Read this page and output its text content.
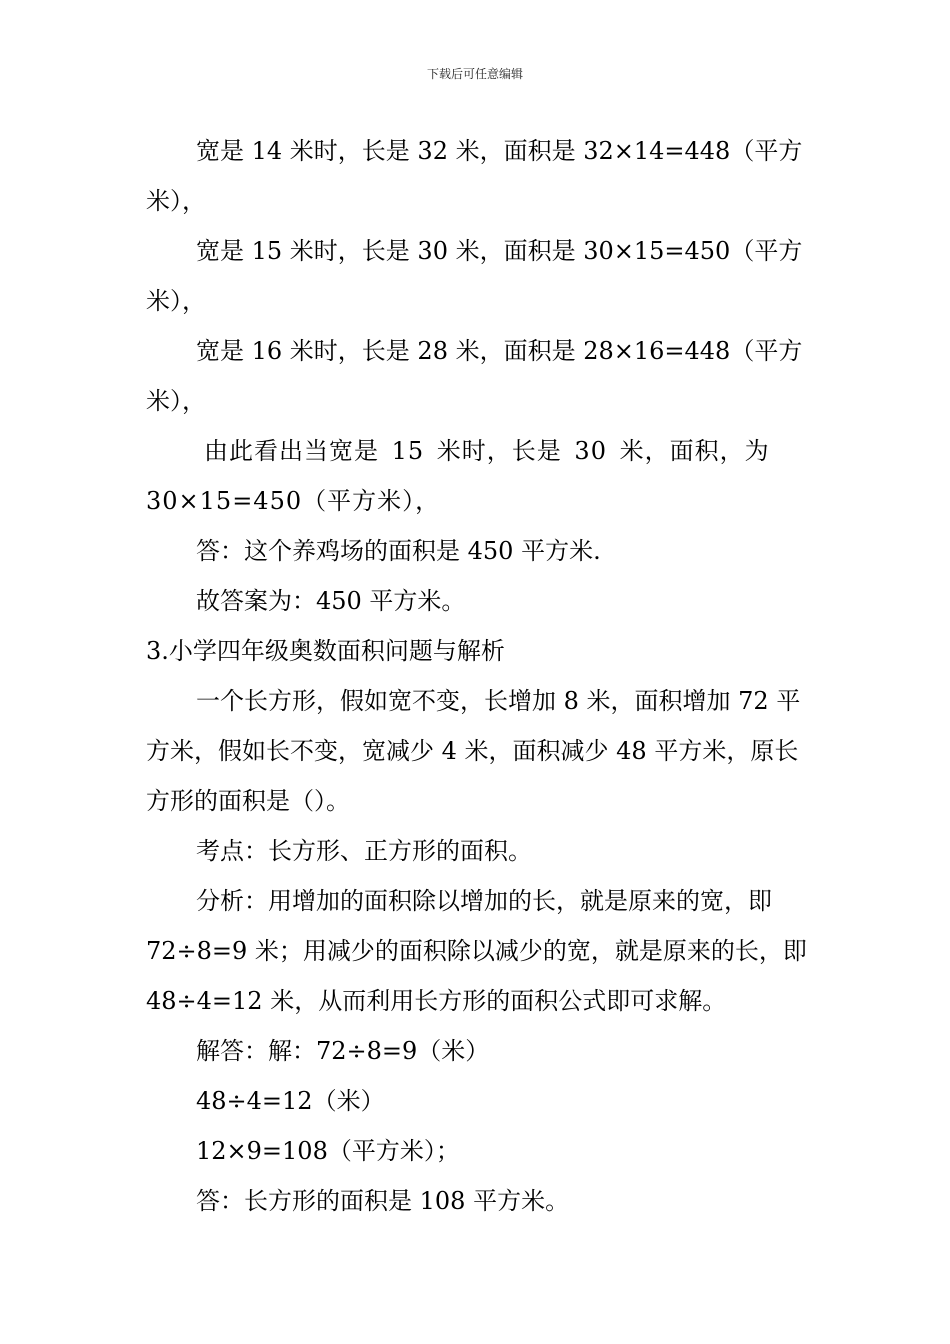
下载后可任意编辑

宽是 14 米时，长是 32 米，面积是 32×14=448（平方米），

宽是 15 米时，长是 30 米，面积是 30×15=450（平方米），

宽是 16 米时，长是 28 米，面积是 28×16=448（平方米），

由此看出当宽是 15 米时，长是 30 米，面积，为 30×15=450（平方米），

答：这个养鸡场的面积是 450 平方米.

故答案为：450 平方米。

3.小学四年级奥数面积问题与解析

一个长方形，假如宽不变，长增加 8 米，面积增加 72 平方米，假如长不变，宽减少 4 米，面积减少 48 平方米，原长方形的面积是（）。

考点：长方形、正方形的面积。

分析：用增加的面积除以增加的长，就是原来的宽，即 72÷8=9 米；用减少的面积除以减少的宽，就是原来的长，即 48÷4=12 米，从而利用长方形的面积公式即可求解。

解答：解：72÷8=9（米）

48÷4=12（米）

12×9=108（平方米）；

答：长方形的面积是 108 平方米。
